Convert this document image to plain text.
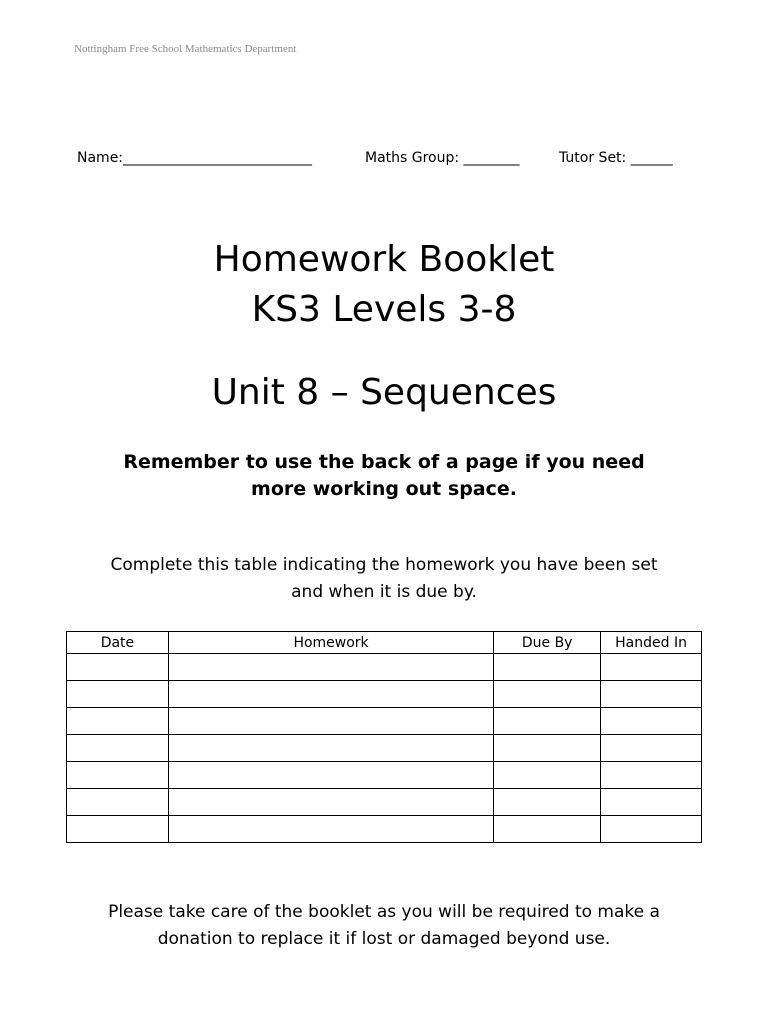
Nottingham Free School Mathematics Department
Name:___________________________	Maths Group: ________	Tutor Set: ______
Homework Booklet
KS3 Levels 3-8
Unit 8 – Sequences
Remember to use the back of a page if you need
more working out space.
Complete this table indicating the homework you have been set
and when it is due by.
Date	Homework	Due By	Handed In

Please take care of the booklet as you will be required to make a
donation to replace it if lost or damaged beyond use.
